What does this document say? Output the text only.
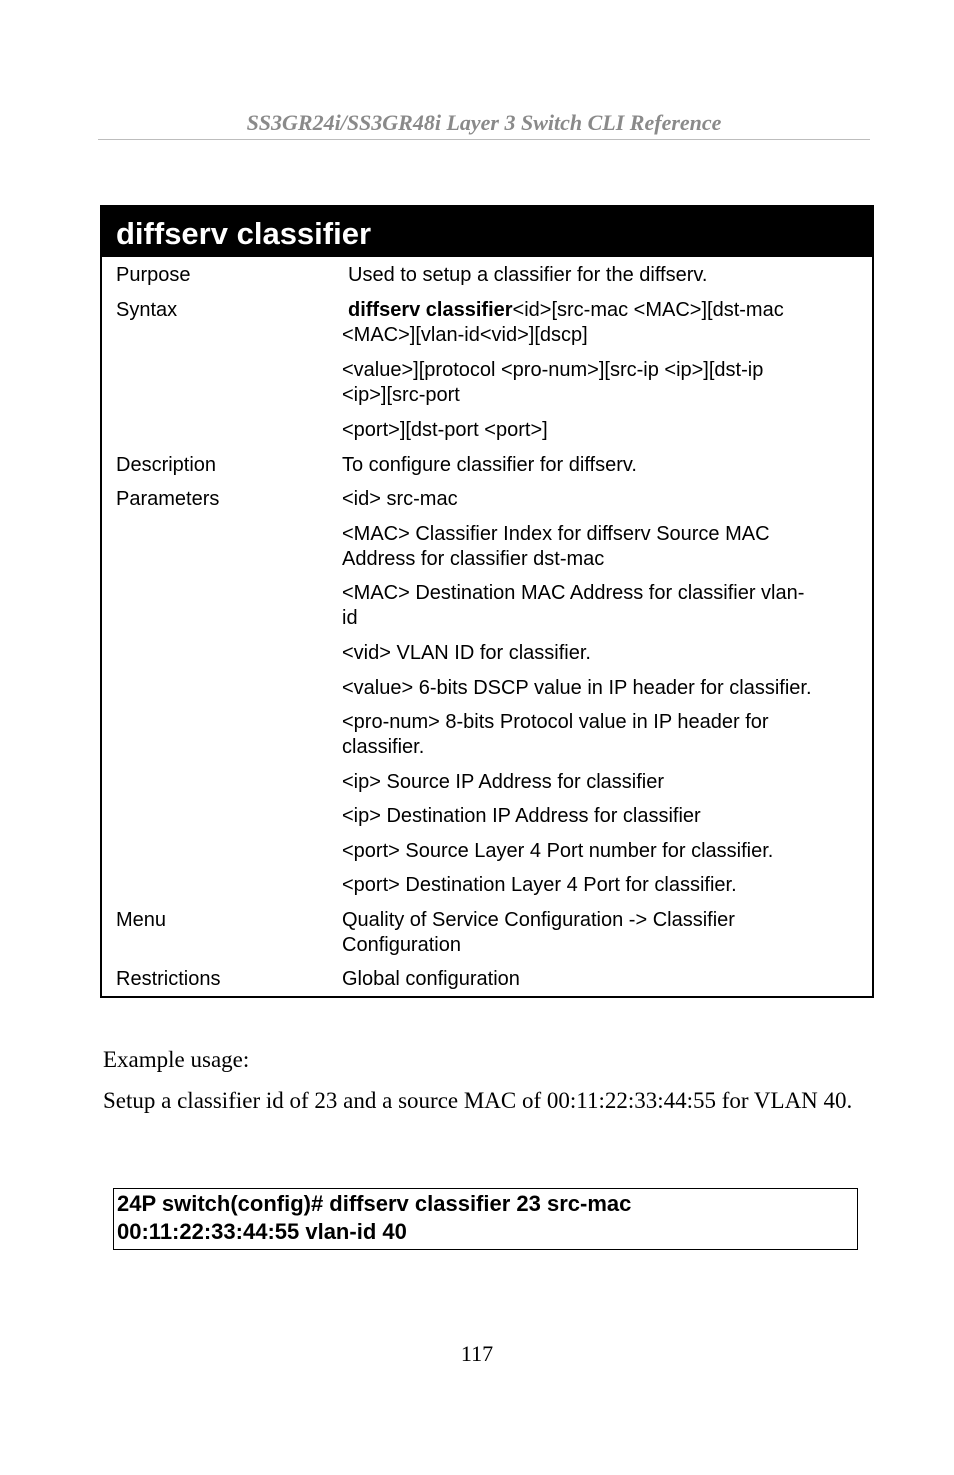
SS3GR24i/SS3GR48i Layer 3 Switch CLI Reference
diffserv classifier
Purpose	Used to setup a classifier for the diffserv.
Syntax	diffserv classifier<id>[src-mac <MAC>][dst-mac
<MAC>][vlan-id<vid>][dscp]
<value>][protocol <pro-num>][src-ip <ip>][dst-ip
<ip>][src-port
<port>][dst-port <port>]
Description	To configure classifier for diffserv.
Parameters	<id> src-mac
<MAC> Classifier Index for diffserv Source MAC
Address for classifier dst-mac
<MAC> Destination MAC Address for classifier vlan-
id
<vid> VLAN ID for classifier.
<value> 6-bits DSCP value in IP header for classifier.
<pro-num> 8-bits Protocol value in IP header for
classifier.
<ip> Source IP Address for classifier
<ip> Destination IP Address for classifier
<port> Source Layer 4 Port number for classifier.
<port> Destination Layer 4 Port for classifier.
Menu	Quality of Service Configuration -> Classifier
Configuration
Restrictions	Global configuration
Example usage:
Setup a classifier id of 23 and a source MAC of 00:11:22:33:44:55 for VLAN 40.
24P switch(config)# diffserv classifier 23 src-mac
00:11:22:33:44:55 vlan-id 40
117
